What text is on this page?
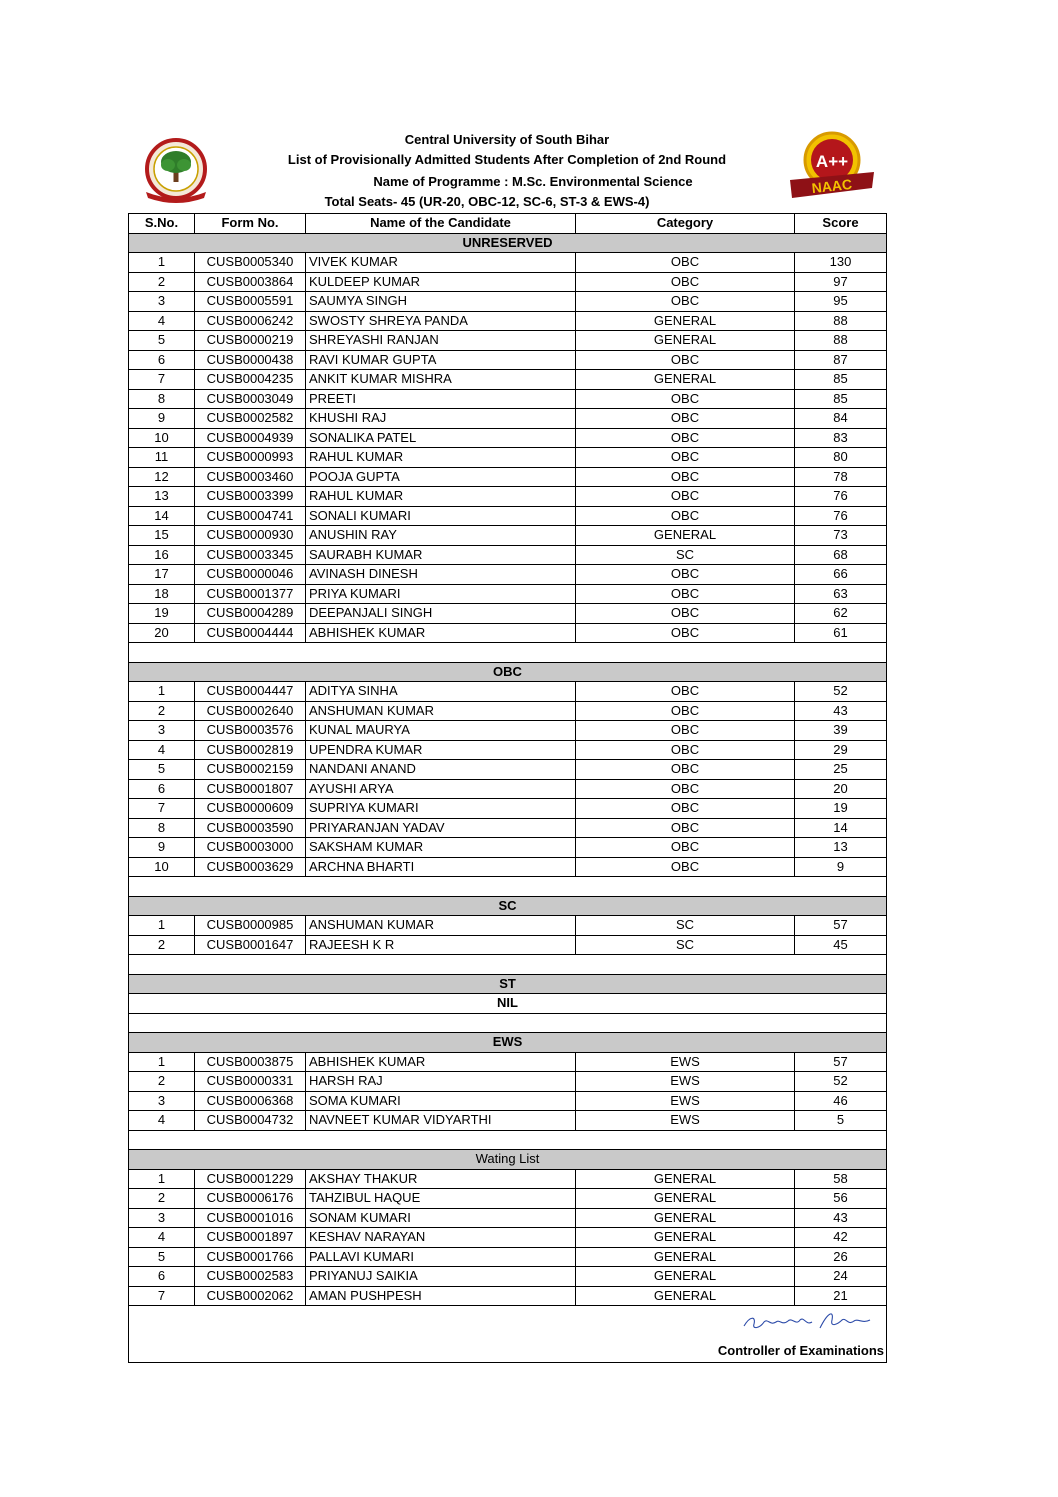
A++
NAAC
Central University of South Bihar
List of Provisionally Admitted Students After Completion of 2nd Round
Name of Programme : M.Sc. Environmental Science
Total Seats- 45 (UR-20, OBC-12, SC-6, ST-3 & EWS-4)
S.No.	Form No.	Name of the Candidate	Category	Score
UNRESERVED				
1	CUSB0005340	VIVEK KUMAR	OBC	130
2	CUSB0003864	KULDEEP KUMAR	OBC	97
3	CUSB0005591	SAUMYA SINGH	OBC	95
4	CUSB0006242	SWOSTY SHREYA PANDA	GENERAL	88
5	CUSB0000219	SHREYASHI RANJAN	GENERAL	88
6	CUSB0000438	RAVI KUMAR GUPTA	OBC	87
7	CUSB0004235	ANKIT KUMAR MISHRA	GENERAL	85
8	CUSB0003049	PREETI	OBC	85
9	CUSB0002582	KHUSHI RAJ	OBC	84
10	CUSB0004939	SONALIKA PATEL	OBC	83
11	CUSB0000993	RAHUL KUMAR	OBC	80
12	CUSB0003460	POOJA GUPTA	OBC	78
13	CUSB0003399	RAHUL KUMAR	OBC	76
14	CUSB0004741	SONALI KUMARI	OBC	76
15	CUSB0000930	ANUSHIN RAY	GENERAL	73
16	CUSB0003345	SAURABH KUMAR	SC	68
17	CUSB0000046	AVINASH DINESH	OBC	66
18	CUSB0001377	PRIYA KUMARI	OBC	63
19	CUSB0004289	DEEPANJALI SINGH	OBC	62
20	CUSB0004444	ABHISHEK KUMAR	OBC	61

OBC				
1	CUSB0004447	ADITYA SINHA	OBC	52
2	CUSB0002640	ANSHUMAN KUMAR	OBC	43
3	CUSB0003576	KUNAL MAURYA	OBC	39
4	CUSB0002819	UPENDRA KUMAR	OBC	29
5	CUSB0002159	NANDANI ANAND	OBC	25
6	CUSB0001807	AYUSHI ARYA	OBC	20
7	CUSB0000609	SUPRIYA KUMARI	OBC	19
8	CUSB0003590	PRIYARANJAN YADAV	OBC	14
9	CUSB0003000	SAKSHAM KUMAR	OBC	13
10	CUSB0003629	ARCHNA BHARTI	OBC	9

SC				
1	CUSB0000985	ANSHUMAN KUMAR	SC	57
2	CUSB0001647	RAJEESH K R	SC	45

ST				
NIL				

EWS				
1	CUSB0003875	ABHISHEK KUMAR	EWS	57
2	CUSB0000331	HARSH RAJ	EWS	52
3	CUSB0006368	SOMA KUMARI	EWS	46
4	CUSB0004732	NAVNEET KUMAR VIDYARTHI	EWS	5

Wating List				
1	CUSB0001229	AKSHAY THAKUR	GENERAL	58
2	CUSB0006176	TAHZIBUL HAQUE	GENERAL	56
3	CUSB0001016	SONAM KUMARI	GENERAL	43
4	CUSB0001897	KESHAV NARAYAN	GENERAL	42
5	CUSB0001766	PALLAVI KUMARI	GENERAL	26
6	CUSB0002583	PRIYANUJ SAIKIA	GENERAL	24
7	CUSB0002062	AMAN PUSHPESH	GENERAL	21

Controller of Examinations				
